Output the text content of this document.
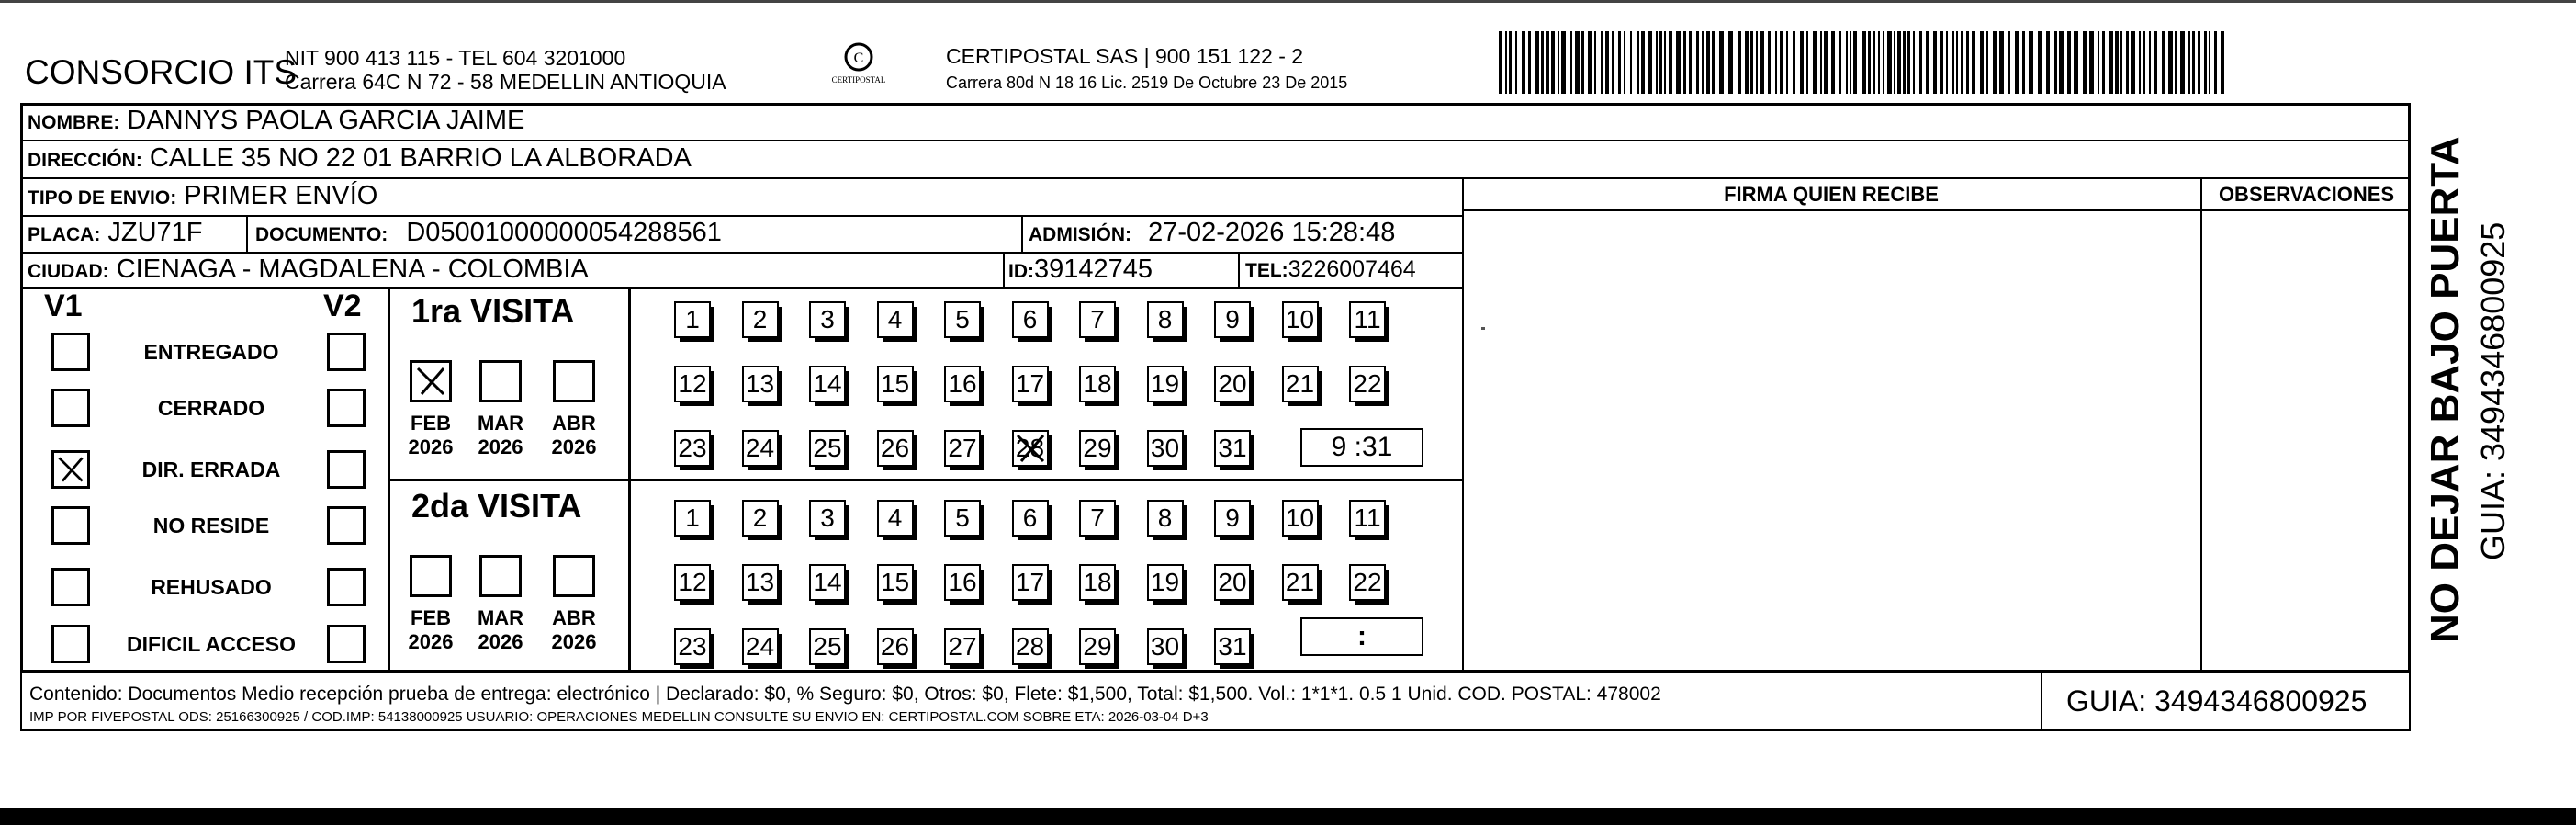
CONSORCIO ITS
NIT 900 413 115 - TEL 604 3201000
Carrera 64C N 72 - 58 MEDELLIN ANTIOQUIA
C
CERTIPOSTAL
CERTIPOSTAL SAS | 900 151 122 - 2
Carrera 80d N 18 16 Lic. 2519 De Octubre 23 De 2015
NOMBRE: DANNYS PAOLA GARCIA JAIME
DIRECCIÓN: CALLE 35 NO 22 01 BARRIO LA ALBORADA
TIPO DE ENVIO: PRIMER ENVÍO
PLACA: JZU71F	DOCUMENTO: D05001000000054288561	ADMISIÓN: 27-02-2026 15:28:48
CIUDAD: CIENAGA - MAGDALENA - COLOMBIA	ID:39142745	TEL:3226007464
FIRMA QUIEN RECIBE	OBSERVACIONES
V1	V2
ENTREGADO
CERRADO
DIR. ERRADA
NO RESIDE
REHUSADO
DIFICIL ACCESO
1ra VISITA
2da VISITA
FEB
2026
MAR
2026
ABR
2026
FEB
2026
MAR
2026
ABR
2026
1	2	3	4	5	6	7	8	9	10 11
12 13 14 15 16 17 18 19 20 21 22
23 24 25 26 27 28 29 30 31
1	2	3	4	5	6	7	8	9	10 11
12 13 14 15 16 17 18 19 20 21 22
23 24 25 26 27 28 29 30 31
9 :31
:
Contenido: Documentos Medio recepción prueba de entrega: electrónico | Declarado: $0, % Seguro: $0, Otros: $0, Flete: $1,500, Total: $1,500. Vol.: 1*1*1. 0.5 1 Unid. COD. POSTAL: 478002
IMP POR FIVEPOSTAL ODS: 25166300925 / COD.IMP: 54138000925 USUARIO: OPERACIONES MEDELLIN CONSULTE SU ENVIO EN: CERTIPOSTAL.COM SOBRE ETA: 2026-03-04 D+3	GUIA: 3494346800925
NO DEJAR BAJO PUERTA GUIA: 3494346800925
